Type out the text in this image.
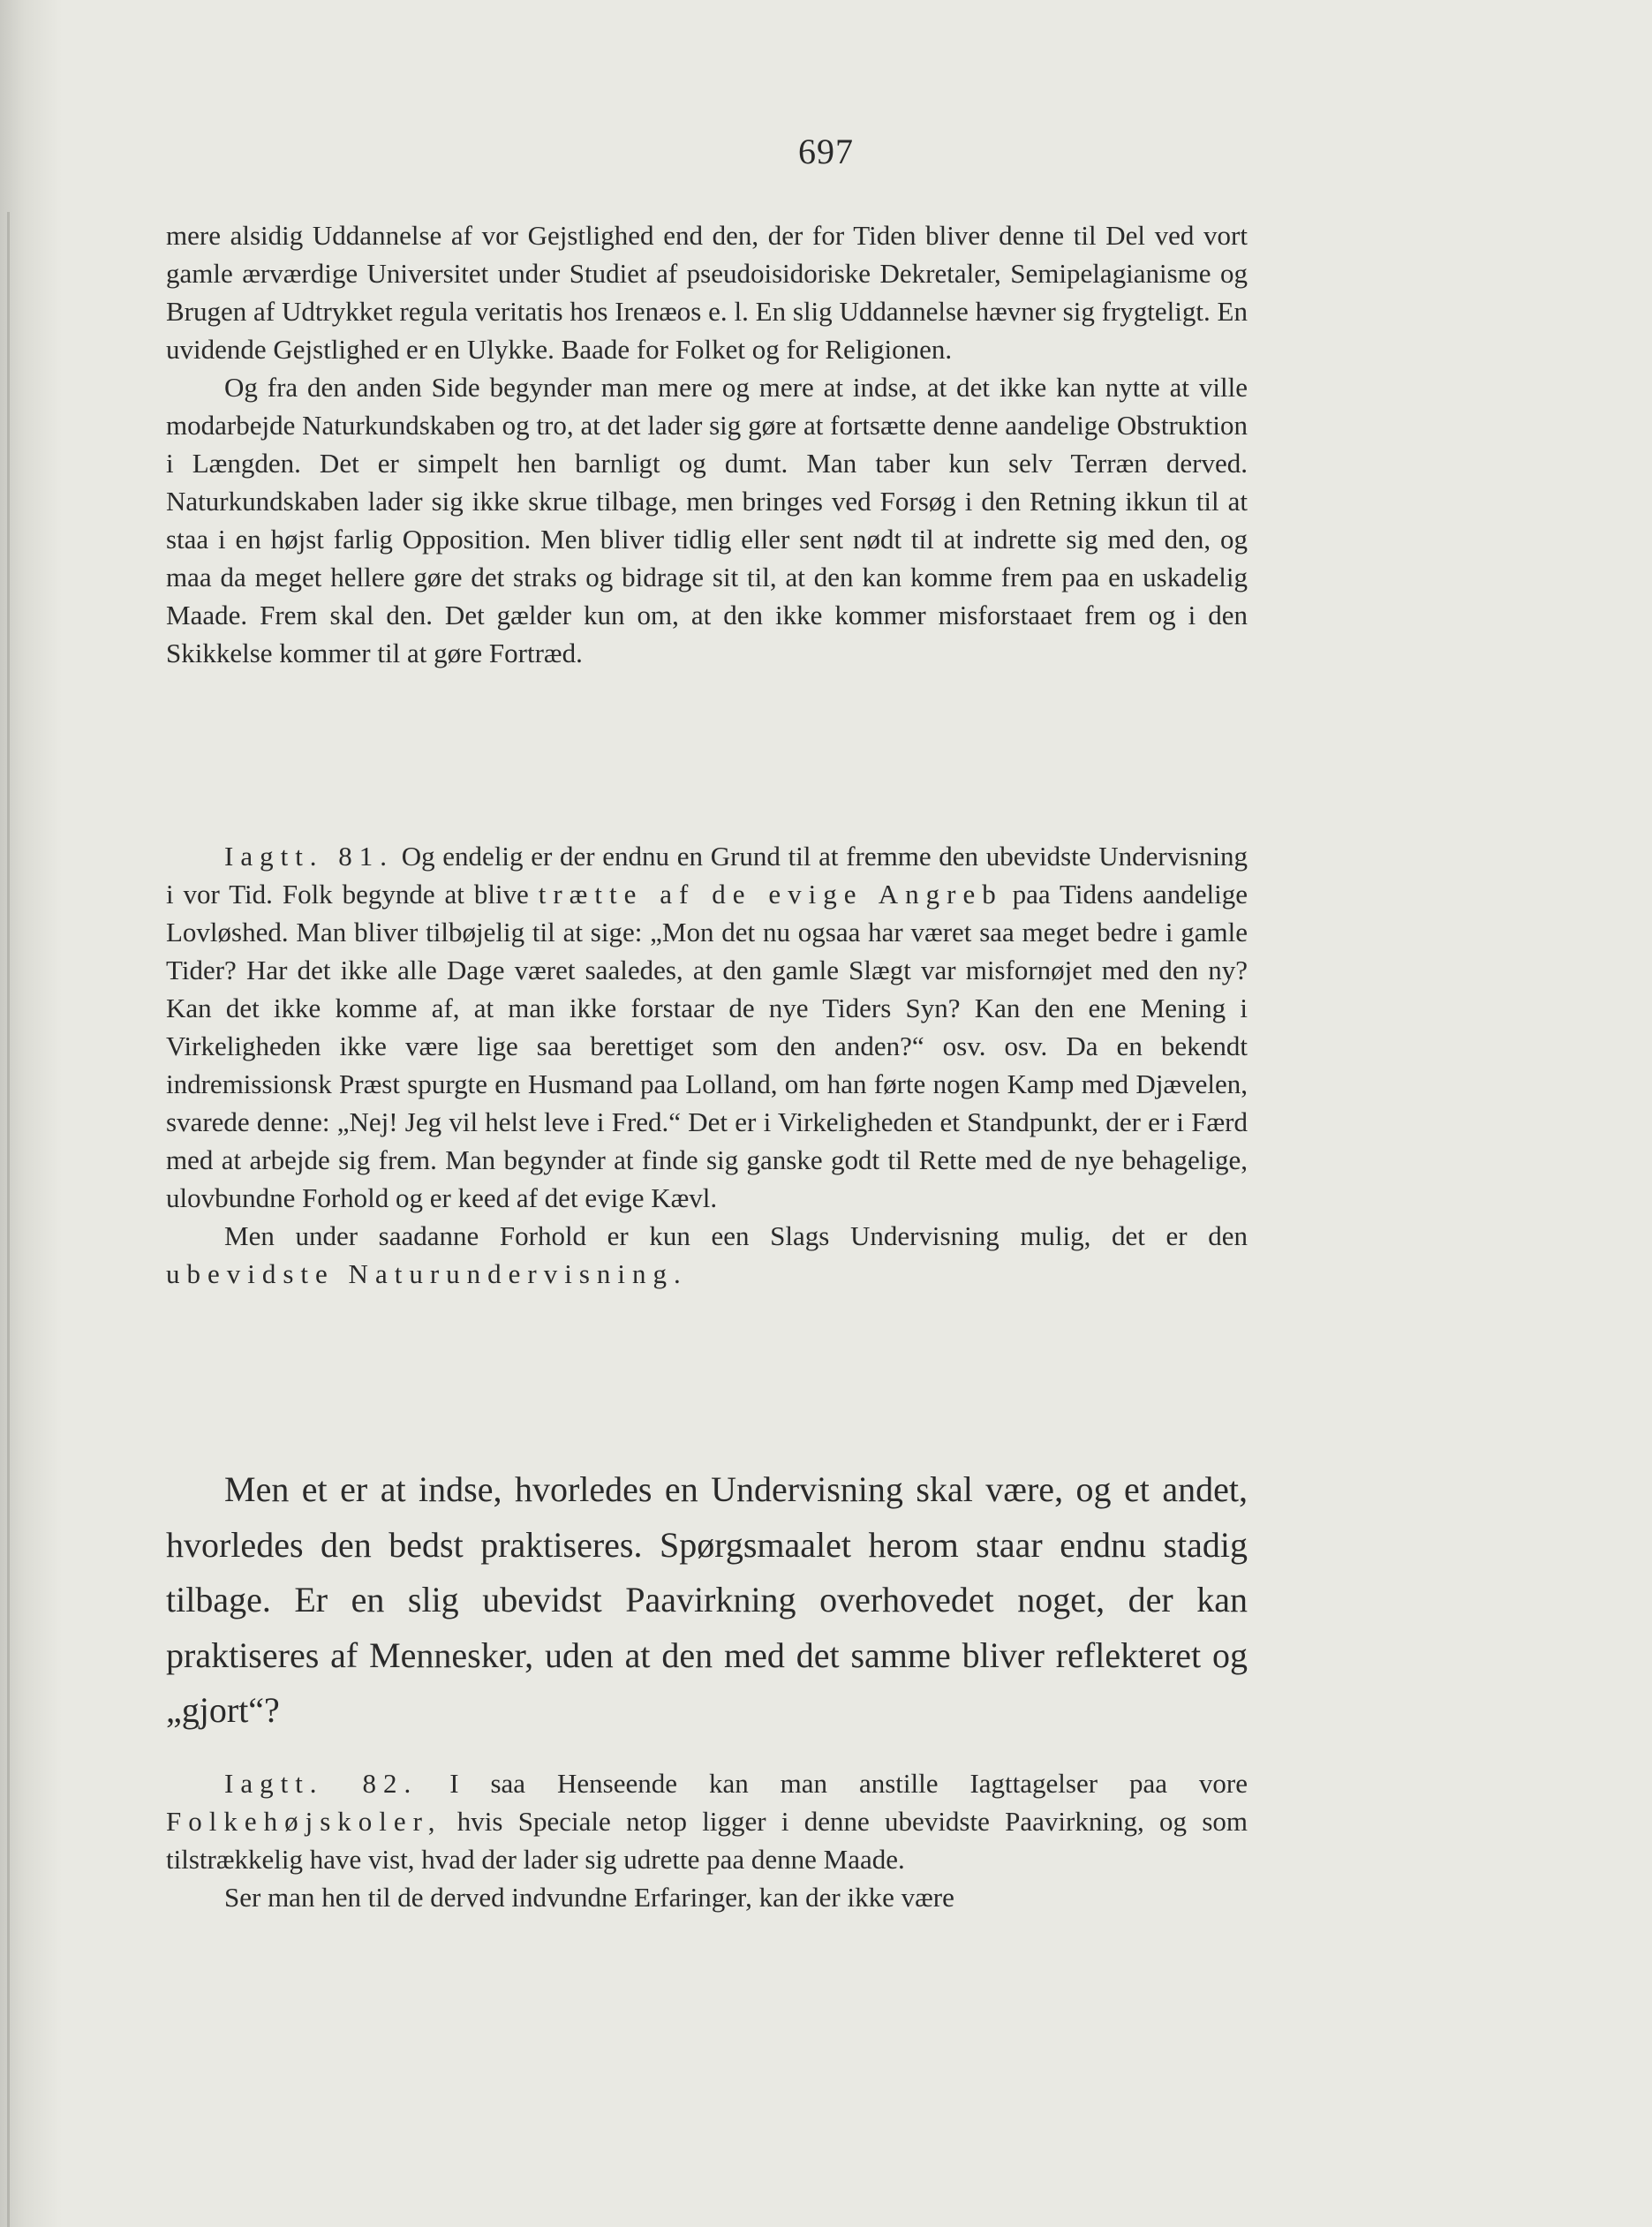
697

mere alsidig Uddannelse af vor Gejstlighed end den, der for Tiden bliver denne til Del ved vort gamle ærværdige Universitet under Studiet af pseudoisidoriske Dekretaler, Semipelagianisme og Brugen af Udtrykket regula veritatis hos Irenæos e. l. En slig Uddannelse hævner sig frygteligt. En uvidende Gejstlighed er en Ulykke. Baade for Folket og for Religionen.

Og fra den anden Side begynder man mere og mere at indse, at det ikke kan nytte at ville modarbejde Naturkundskaben og tro, at det lader sig gøre at fortsætte denne aandelige Obstruktion i Længden. Det er simpelt hen barnligt og dumt. Man taber kun selv Terræn derved. Naturkundskaben lader sig ikke skrue tilbage, men bringes ved Forsøg i den Retning ikkun til at staa i en højst farlig Opposition. Men bliver tidlig eller sent nødt til at indrette sig med den, og maa da meget hellere gøre det straks og bidrage sit til, at den kan komme frem paa en uskadelig Maade. Frem skal den. Det gælder kun om, at den ikke kommer misforstaaet frem og i den Skikkelse kommer til at gøre Fortræd.

Iagtt. 81. Og endelig er der endnu en Grund til at fremme den ubevidste Undervisning i vor Tid. Folk begynde at blive trætte af de evige Angreb paa Tidens aandelige Lovløshed. Man bliver tilbøjelig til at sige: „Mon det nu ogsaa har været saa meget bedre i gamle Tider? Har det ikke alle Dage været saaledes, at den gamle Slægt var misfornøjet med den ny? Kan det ikke komme af, at man ikke forstaar de nye Tiders Syn? Kan den ene Mening i Virkeligheden ikke være lige saa berettiget som den anden?“ osv. osv. Da en bekendt indremissionsk Præst spurgte en Husmand paa Lolland, om han førte nogen Kamp med Djævelen, svarede denne: „Nej! Jeg vil helst leve i Fred.“ Det er i Virkeligheden et Standpunkt, der er i Færd med at arbejde sig frem. Man begynder at finde sig ganske godt til Rette med de nye behagelige, ulovbundne Forhold og er keed af det evige Kævl.

Men under saadanne Forhold er kun een Slags Undervisning mulig, det er den ubevidste Naturundervisning.

Men et er at indse, hvorledes en Undervisning skal være, og et andet, hvorledes den bedst praktiseres. Spørgsmaalet herom staar endnu stadig tilbage. Er en slig ubevidst Paavirkning overhovedet noget, der kan praktiseres af Mennesker, uden at den med det samme bliver reflekteret og „gjort“?

Iagtt. 82. I saa Henseende kan man anstille Iagttagelser paa vore Folkehøjskoler, hvis Speciale netop ligger i denne ubevidste Paavirkning, og som tilstrækkelig have vist, hvad der lader sig udrette paa denne Maade.

Ser man hen til de derved indvundne Erfaringer, kan der ikke være
